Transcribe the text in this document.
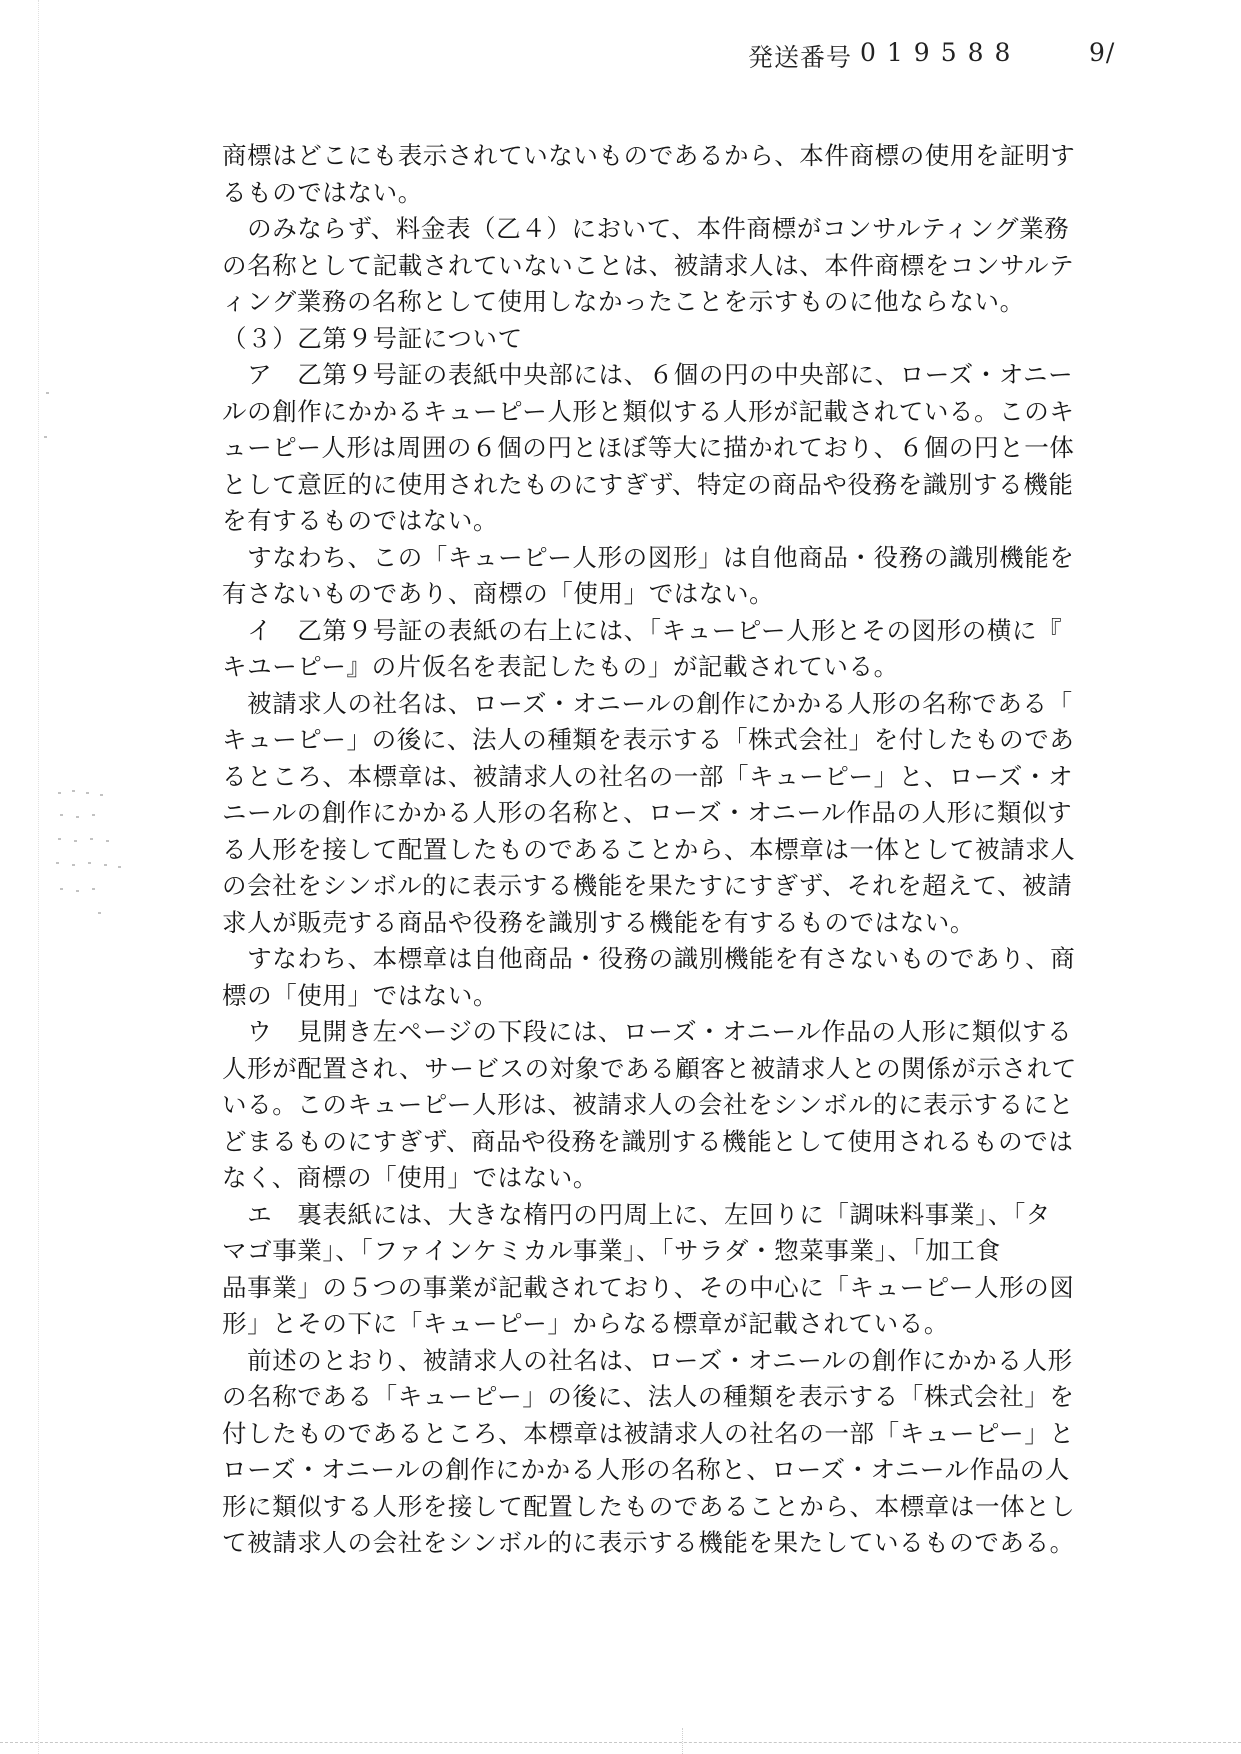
発送番号 019588	9/
商標はどこにも表示されていないものであるから、本件商標の使用を証明す
るものではない。
　のみならず、料金表（乙４）において、本件商標がコンサルティング業務
の名称として記載されていないことは、被請求人は、本件商標をコンサルテ
ィング業務の名称として使用しなかったことを示すものに他ならない。
（３）乙第９号証について
　ア　乙第９号証の表紙中央部には、６個の円の中央部に、ローズ・オニー
ルの創作にかかるキューピー人形と類似する人形が記載されている。このキ
ューピー人形は周囲の６個の円とほぼ等大に描かれており、６個の円と一体
として意匠的に使用されたものにすぎず、特定の商品や役務を識別する機能
を有するものではない。
　すなわち、この「キューピー人形の図形」は自他商品・役務の識別機能を
有さないものであり、商標の「使用」ではない。
　イ　乙第９号証の表紙の右上には、「キューピー人形とその図形の横に『
キユーピー』の片仮名を表記したもの」が記載されている。
　被請求人の社名は、ローズ・オニールの創作にかかる人形の名称である「
キューピー」の後に、法人の種類を表示する「株式会社」を付したものであ
るところ、本標章は、被請求人の社名の一部「キューピー」と、ローズ・オ
ニールの創作にかかる人形の名称と、ローズ・オニール作品の人形に類似す
る人形を接して配置したものであることから、本標章は一体として被請求人
の会社をシンボル的に表示する機能を果たすにすぎず、それを超えて、被請
求人が販売する商品や役務を識別する機能を有するものではない。
　すなわち、本標章は自他商品・役務の識別機能を有さないものであり、商
標の「使用」ではない。
　ウ　見開き左ページの下段には、ローズ・オニール作品の人形に類似する
人形が配置され、サービスの対象である顧客と被請求人との関係が示されて
いる。このキューピー人形は、被請求人の会社をシンボル的に表示するにと
どまるものにすぎず、商品や役務を識別する機能として使用されるものでは
なく、商標の「使用」ではない。
　エ　裏表紙には、大きな楕円の円周上に、左回りに「調味料事業」、「タ
マゴ事業」、「ファインケミカル事業」、「サラダ・惣菜事業」、「加工食
品事業」の５つの事業が記載されており、その中心に「キューピー人形の図
形」とその下に「キューピー」からなる標章が記載されている。
　前述のとおり、被請求人の社名は、ローズ・オニールの創作にかかる人形
の名称である「キューピー」の後に、法人の種類を表示する「株式会社」を
付したものであるところ、本標章は被請求人の社名の一部「キューピー」と
ローズ・オニールの創作にかかる人形の名称と、ローズ・オニール作品の人
形に類似する人形を接して配置したものであることから、本標章は一体とし
て被請求人の会社をシンボル的に表示する機能を果たしているものである。
